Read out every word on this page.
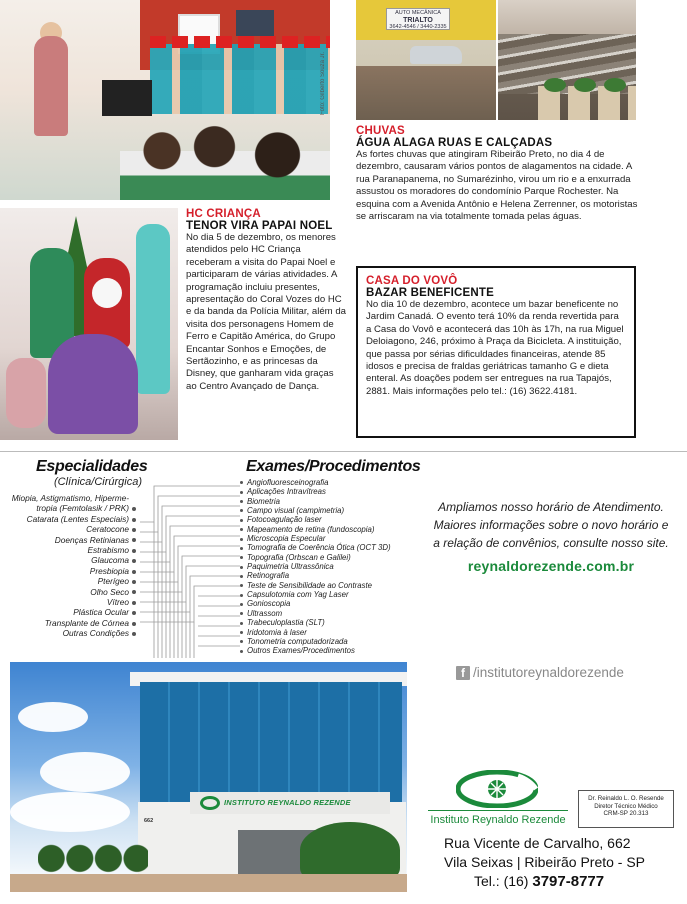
Foto: Gilberto Souza Jr.
AUTO MECÂNICA
TRIALTO
3642-4546 / 3440-2335
CHUVAS
ÁGUA ALAGA RUAS E CALÇADAS

As fortes chuvas que atingiram Ribeirão Preto, no dia 4 de dezembro, causaram vários pontos de alagamentos na cidade. A rua Paranapanema, no Sumarézinho, virou um rio e a enxurrada assustou os moradores do condomínio Parque Rochester. Na esquina com a Avenida Antônio e Helena Zerrenner, os motoristas se arriscaram na via totalmente tomada pelas águas.

HC CRIANÇA
TENOR VIRA PAPAI NOEL

No dia 5 de dezembro, os menores atendidos pelo HC Criança receberam a visita do Papai Noel e participaram de várias atividades. A programação incluiu presentes, apresentação do Coral Vozes do HC e da banda da Polícia Militar, além da visita dos personagens Homem de Ferro e Capitão América, do Grupo Encantar Sonhos e Emoções, de Sertãozinho, e as princesas da Disney, que ganharam vida graças ao Centro Avançado de Dança.

CASA DO VOVÔ
BAZAR BENEFICENTE

No dia 10 de dezembro, acontece um bazar beneficente no Jardim Canadá. O evento terá 10% da renda revertida para a Casa do Vovô e acontecerá das 10h às 17h, na rua Miguel Deloiagono, 246, próximo à Praça da Bicicleta. A instituição, que passa por sérias dificuldades financeiras, atende 85 idosos e precisa de fraldas geriátricas tamanho G e dieta enteral. As doações podem ser entregues na rua Tapajós, 2881. Mais informações pelo tel.: (16) 3622.4181.

Especialidades
(Clínica/Cirúrgica)
Miopia, Astigmatismo, Hiperme-
tropia (Femtolasik / PRK)
Catarata (Lentes Especiais)
Ceratocone
Doenças Retinianas
Estrabismo
Glaucoma
Presbiopia
Pterígeo
Olho Seco
Vítreo
Plástica Ocular
Transplante de Córnea
Outras Condições
Exames/Procedimentos
Angiofluoresceinografia
Aplicações Intravítreas
Biometria
Campo visual (campimetria)
Fotocoagulação laser
Mapeamento de retina (fundoscopia)
Microscopia Especular
Tomografia de Coerência Ótica (OCT 3D)
Topografia (Orbscan e Galilei)
Paquimetria Ultrassônica
Retinografia
Teste de Sensibilidade ao Contraste
Capsulotomia com Yag Laser
Gonioscopia
Ultrassom
Trabeculoplastia (SLT)
Iridotomia à laser
Tonometria computadorizada
Outros Exames/Procedimentos
Ampliamos nosso horário de Atendimento.
Maiores informações sobre o novo horário e
a relação de convênios, consulte nosso site.
reynaldorezende.com.br
f /institutoreynaldorezende
INSTITUTO REYNALDO REZENDE
662	Instituto Reynaldo Rezende
Dr. Reinaldo L. O. Resende
Diretor Técnico Médico
CRM-SP 20.313
Rua Vicente de Carvalho, 662
Vila Seixas | Ribeirão Preto - SP
Tel.: (16) 3797-8777
